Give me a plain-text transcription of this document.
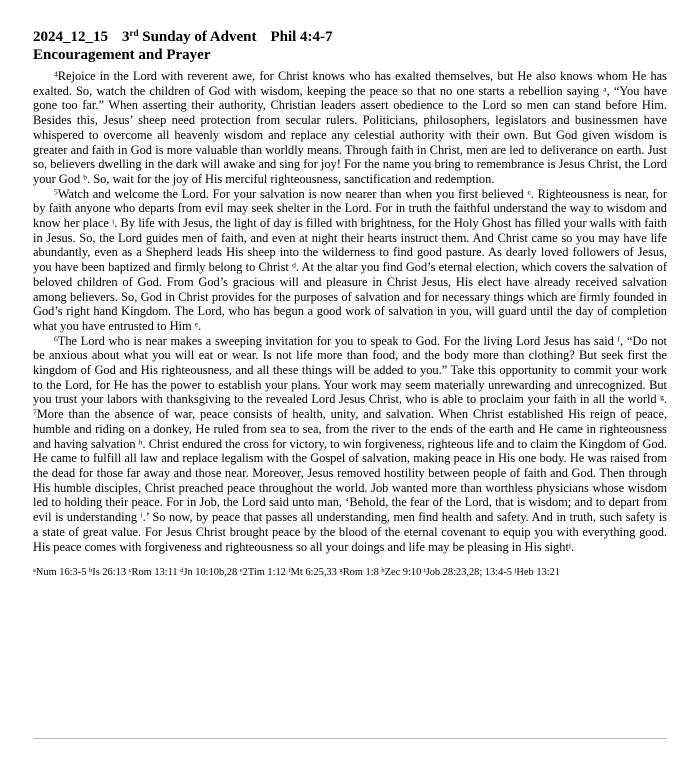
2024_12_15 3rd Sunday of Advent Phil 4:4-7

Encouragement and Prayer

$^4$Rejoice in the Lord with reverent awe, for Christ knows who has exalted themselves, but He also knows whom He has exalted. So, watch the children of God with wisdom, keeping the peace so that no one starts a rebellion saying $^a$, “You have gone too far.” When asserting their authority, Christian leaders assert obedience to the Lord so men can stand before Him. Besides this, Jesus’ sheep need protection from secular rulers. Politicians, philosophers, legislators and businessmen have whispered to overcome all heavenly wisdom and replace any celestial authority with their own. But God given wisdom is greater and faith in God is more valuable than worldly means. Through faith in Christ, men are led to deliverance on earth. Just so, believers dwelling in the dark will awake and sing for joy! For the name you bring to remembrance is Jesus Christ, the Lord your God $^b$. So, wait for the joy of His merciful righteousness, sanctification and redemption.

$^5$Watch and welcome the Lord. For your salvation is now nearer than when you first believed $^c$. Righteousness is near, for by faith anyone who departs from evil may seek shelter in the Lord. For in truth the faithful understand the way to wisdom and know her place $^i$. By life with Jesus, the light of day is filled with brightness, for the Holy Ghost has filled your walls with faith in Jesus. So, the Lord guides men of faith, and even at night their hearts instruct them. And Christ came so you may have life abundantly, even as a Shepherd leads His sheep into the wilderness to find good pasture. As dearly loved followers of Jesus, you have been baptized and firmly belong to Christ $^d$. At the altar you find God’s eternal election, which covers the salvation of beloved children of God. From God’s gracious will and pleasure in Christ Jesus, His elect have already received salvation among believers. So, God in Christ provides for the purposes of salvation and for necessary things which are firmly founded in God’s right hand Kingdom. The Lord, who has begun a good work of salvation in you, will guard until the day of completion what you have entrusted to Him $^e$.

$^6$The Lord who is near makes a sweeping invitation for you to speak to God. For the living Lord Jesus has said $^f$, “Do not be anxious about what you will eat or wear. Is not life more than food, and the body more than clothing? But seek first the kingdom of God and His righteousness, and all these things will be added to you.” Take this opportunity to commit your work to the Lord, for He has the power to establish your plans. Your work may seem materially unrewarding and unrecognized. But you trust your labors with thanksgiving to the revealed Lord Jesus Christ, who is able to proclaim your faith in all the world $^g$. $^7$More than the absence of war, peace consists of health, unity, and salvation. When Christ established His reign of peace, humble and riding on a donkey, He ruled from sea to sea, from the river to the ends of the earth and He came in righteousness and having salvation $^h$. Christ endured the cross for victory, to win forgiveness, righteous life and to claim the Kingdom of God. He came to fulfill all law and replace legalism with the Gospel of salvation, making peace in His one body. He was raised from the dead for those far away and those near. Moreover, Jesus removed hostility between people of faith and God. Then through His humble disciples, Christ preached peace throughout the world. Job wanted more than worthless physicians whose wisdom led to holding their peace. For in Job, the Lord said unto man, ‘Behold, the fear of the Lord, that is wisdom; and to depart from evil is understanding $^i$.’ So now, by peace that passes all understanding, men find health and safety. And in truth, such safety is a state of great value. For Jesus Christ brought peace by the blood of the eternal covenant to equip you with everything good. His peace comes with forgiveness and righteousness so all your doings and life may be pleasing in His sight$^j$.

$^a$Num 16:3-5 $^b$Is 26:13 $^c$Rom 13:11 $^d$Jn 10:10b,28 $^e$2Tim 1:12 $^f$Mt 6:25,33 $^g$Rom 1:8 $^h$Zec 9:10 $^i$Job 28:23,28; 13:4-5 $^j$Heb 13:21
